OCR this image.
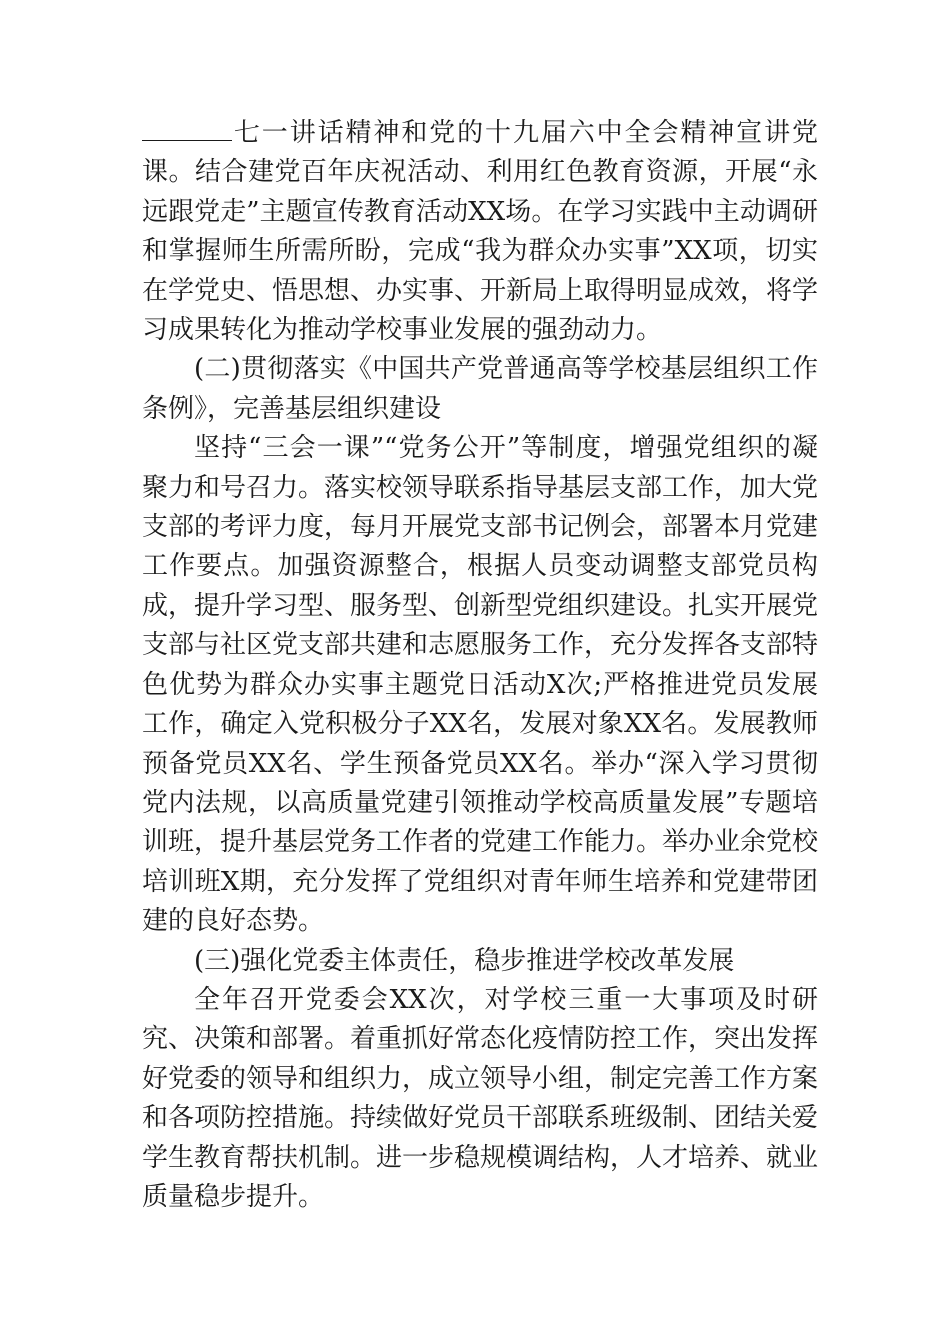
七一讲话精神和党的十九届六中全会精神宣讲党课。结合建党百年庆祝活动、利用红色教育资源，开展“永远跟党走”主题宣传教育活动XX场。在学习实践中主动调研和掌握师生所需所盼，完成“我为群众办实事”XX项，切实在学党史、悟思想、办实事、开新局上取得明显成效，将学习成果转化为推动学校事业发展的强劲动力。

(二)贯彻落实《中国共产党普通高等学校基层组织工作条例》，完善基层组织建设

坚持“三会一课”“党务公开”等制度，增强党组织的凝聚力和号召力。落实校领导联系指导基层支部工作，加大党支部的考评力度，每月开展党支部书记例会，部署本月党建工作要点。加强资源整合，根据人员变动调整支部党员构成，提升学习型、服务型、创新型党组织建设。扎实开展党支部与社区党支部共建和志愿服务工作，充分发挥各支部特色优势为群众办实事主题党日活动X次;严格推进党员发展工作，确定入党积极分子XX名，发展对象XX名。发展教师预备党员XX名、学生预备党员XX名。举办“深入学习贯彻党内法规，以高质量党建引领推动学校高质量发展”专题培训班，提升基层党务工作者的党建工作能力。举办业余党校培训班X期，充分发挥了党组织对青年师生培养和党建带团建的良好态势。

(三)强化党委主体责任，稳步推进学校改革发展

全年召开党委会XX次，对学校三重一大事项及时研究、决策和部署。着重抓好常态化疫情防控工作，突出发挥好党委的领导和组织力，成立领导小组，制定完善工作方案和各项防控措施。持续做好党员干部联系班级制、团结关爱学生教育帮扶机制。进一步稳规模调结构，人才培养、就业质量稳步提升。
